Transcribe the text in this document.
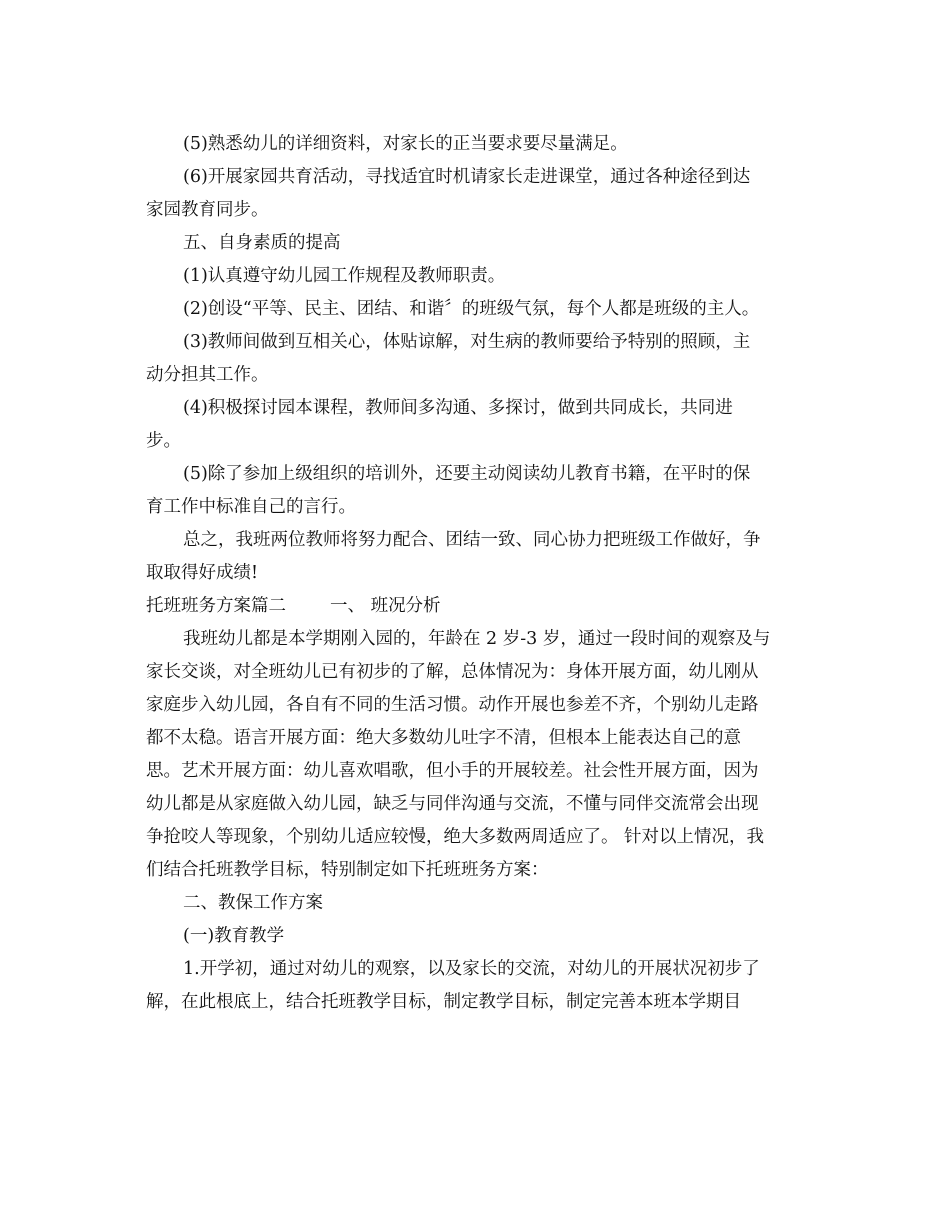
(5)熟悉幼儿的详细资料，对家长的正当要求要尽量满足。

(6)开展家园共育活动，寻找适宜时机请家长走进课堂，通过各种途径到达

家园教育同步。

五、自身素质的提高

(1)认真遵守幼儿园工作规程及教师职责。

(2)创设“平等、民主、团结、和谐〞的班级气氛，每个人都是班级的主人。

(3)教师间做到互相关心，体贴谅解，对生病的教师要给予特别的照顾，主

动分担其工作。

(4)积极探讨园本课程，教师间多沟通、多探讨，做到共同成长，共同进

步。

(5)除了参加上级组织的培训外，还要主动阅读幼儿教育书籍，在平时的保

育工作中标准自己的言行。

总之，我班两位教师将努力配合、团结一致、同心协力把班级工作做好，争

取取得好成绩!

托班班务方案篇二	一、 班况分析

我班幼儿都是本学期刚入园的，年龄在 2 岁-3 岁，通过一段时间的观察及与

家长交谈，对全班幼儿已有初步的了解，总体情况为：身体开展方面，幼儿刚从

家庭步入幼儿园，各自有不同的生活习惯。动作开展也参差不齐，个别幼儿走路

都不太稳。语言开展方面：绝大多数幼儿吐字不清，但根本上能表达自己的意

思。艺术开展方面：幼儿喜欢唱歌，但小手的开展较差。社会性开展方面，因为

幼儿都是从家庭做入幼儿园，缺乏与同伴沟通与交流，不懂与同伴交流常会出现

争抢咬人等现象，个别幼儿适应较慢，绝大多数两周适应了。 针对以上情况，我

们结合托班教学目标，特别制定如下托班班务方案：

二、教保工作方案

(一)教育教学

1.开学初，通过对幼儿的观察，以及家长的交流，对幼儿的开展状况初步了

解，在此根底上，结合托班教学目标，制定教学目标，制定完善本班本学期目
